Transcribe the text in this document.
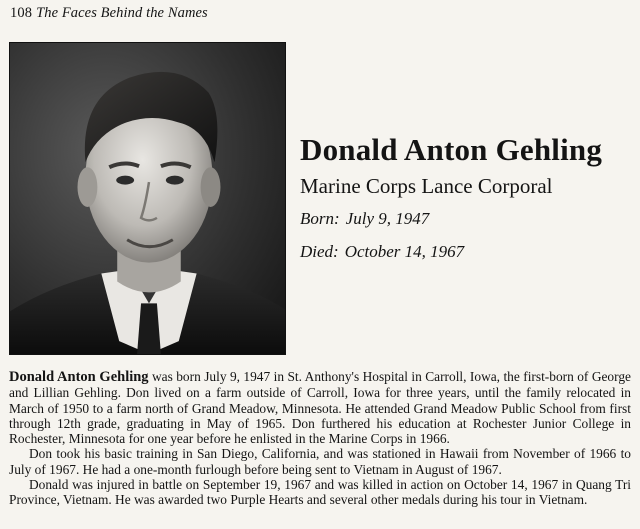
108 The Faces Behind the Names
Donald Anton Gehling
Marine Corps Lance Corporal
Born: July 9, 1947
Died: October 14, 1967

Donald Anton Gehling was born July 9, 1947 in St. Anthony's Hospital in Carroll, Iowa, the first-born of George and Lillian Gehling. Don lived on a farm outside of Carroll, Iowa for three years, until the family relocated in March of 1950 to a farm north of Grand Meadow, Minnesota. He attended Grand Meadow Public School from first through 12th grade, graduating in May of 1965. Don furthered his education at Rochester Junior College in Rochester, Minnesota for one year before he enlisted in the Marine Corps in 1966.

Don took his basic training in San Diego, California, and was stationed in Hawaii from November of 1966 to July of 1967. He had a one-month furlough before being sent to Vietnam in August of 1967.

Donald was injured in battle on September 19, 1967 and was killed in action on October 14, 1967 in Quang Tri Province, Vietnam. He was awarded two Purple Hearts and several other medals during his tour in Vietnam.
